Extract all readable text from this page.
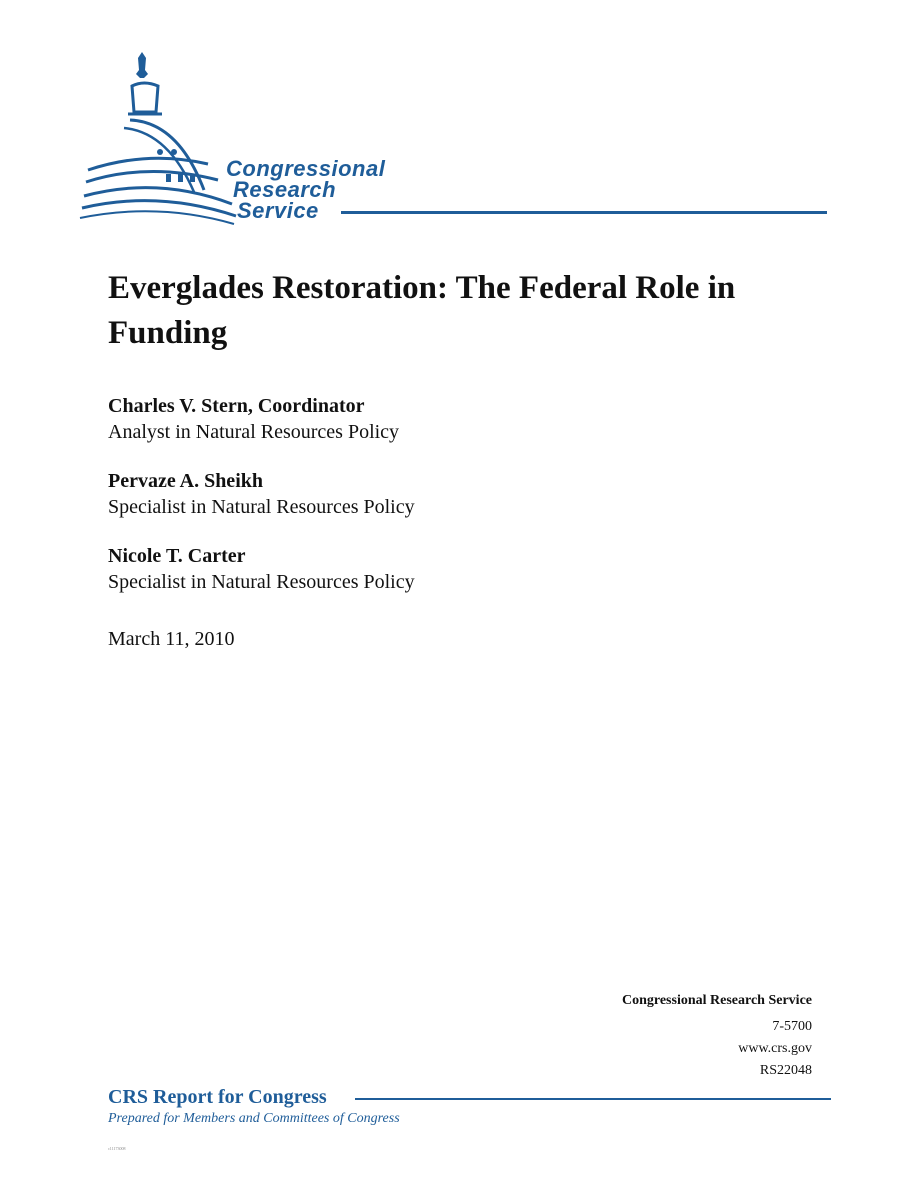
Congressional
Research
Service
Everglades Restoration: The Federal Role in Funding
Charles V. Stern, Coordinator
Analyst in Natural Resources Policy
Pervaze A. Sheikh
Specialist in Natural Resources Policy
Nicole T. Carter
Specialist in Natural Resources Policy
March 11, 2010
Congressional Research Service
7-5700
www.crs.gov
RS22048
CRS Report for Congress
Prepared for Members and Committees of Congress
c11173008
